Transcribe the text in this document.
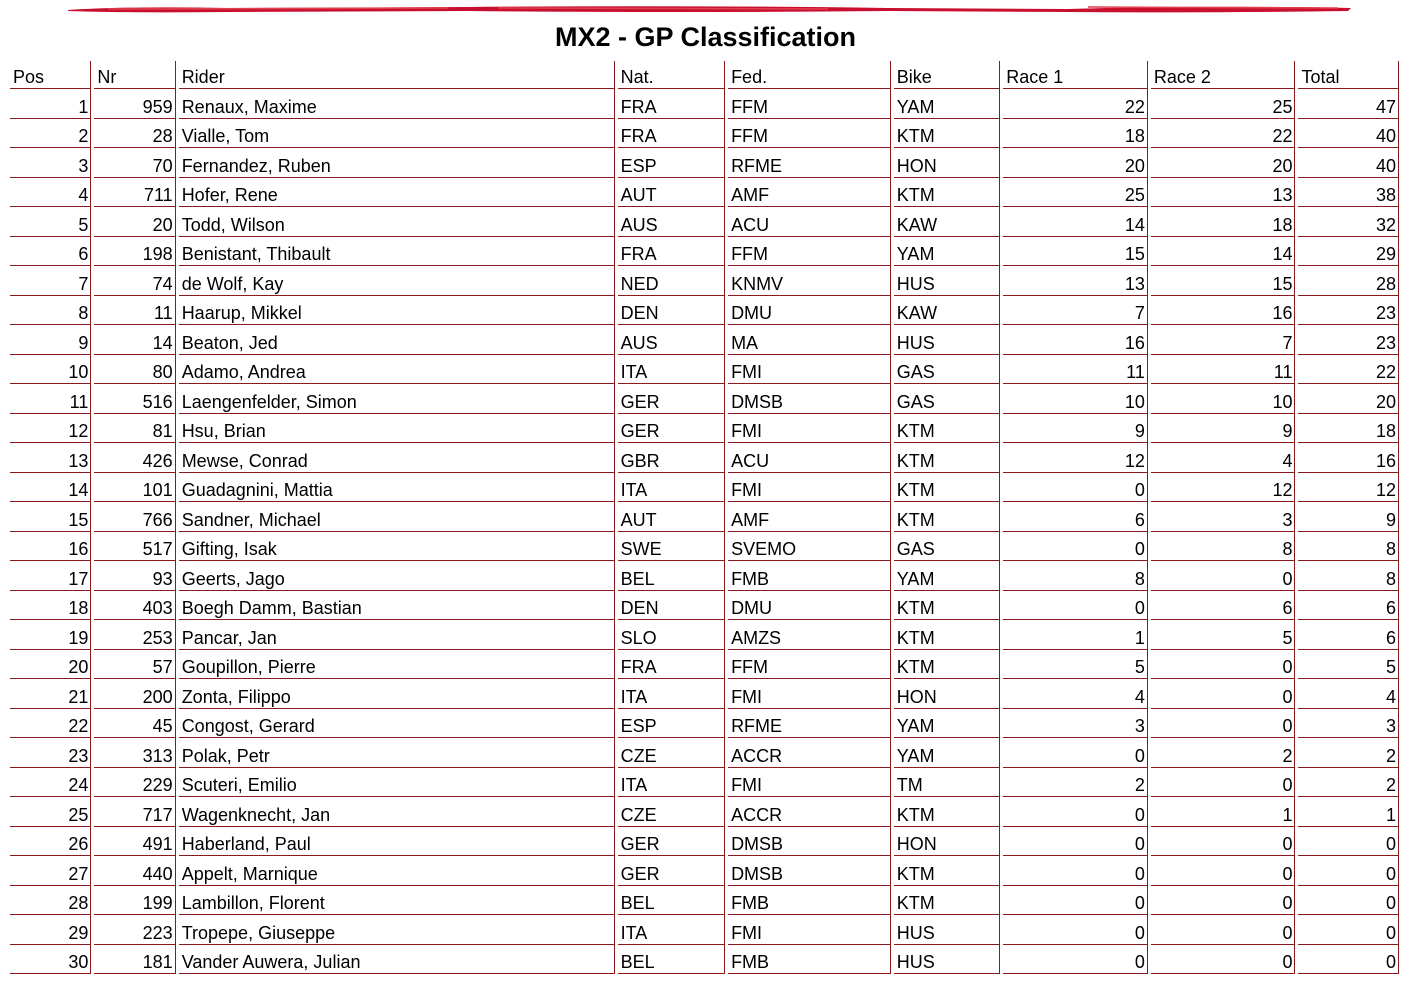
MX2 - GP Classification
Pos	Nr	Rider	Nat.	Fed.	Bike	Race 1	Race 2	Total
1	959	Renaux, Maxime	FRA	FFM	YAM	22	25	47
2	28	Vialle, Tom	FRA	FFM	KTM	18	22	40
3	70	Fernandez, Ruben	ESP	RFME	HON	20	20	40
4	711	Hofer, Rene	AUT	AMF	KTM	25	13	38
5	20	Todd, Wilson	AUS	ACU	KAW	14	18	32
6	198	Benistant, Thibault	FRA	FFM	YAM	15	14	29
7	74	de Wolf, Kay	NED	KNMV	HUS	13	15	28
8	11	Haarup, Mikkel	DEN	DMU	KAW	7	16	23
9	14	Beaton, Jed	AUS	MA	HUS	16	7	23
10	80	Adamo, Andrea	ITA	FMI	GAS	11	11	22
11	516	Laengenfelder, Simon	GER	DMSB	GAS	10	10	20
12	81	Hsu, Brian	GER	FMI	KTM	9	9	18
13	426	Mewse, Conrad	GBR	ACU	KTM	12	4	16
14	101	Guadagnini, Mattia	ITA	FMI	KTM	0	12	12
15	766	Sandner, Michael	AUT	AMF	KTM	6	3	9
16	517	Gifting, Isak	SWE	SVEMO	GAS	0	8	8
17	93	Geerts, Jago	BEL	FMB	YAM	8	0	8
18	403	Boegh Damm, Bastian	DEN	DMU	KTM	0	6	6
19	253	Pancar, Jan	SLO	AMZS	KTM	1	5	6
20	57	Goupillon, Pierre	FRA	FFM	KTM	5	0	5
21	200	Zonta, Filippo	ITA	FMI	HON	4	0	4
22	45	Congost, Gerard	ESP	RFME	YAM	3	0	3
23	313	Polak, Petr	CZE	ACCR	YAM	0	2	2
24	229	Scuteri, Emilio	ITA	FMI	TM	2	0	2
25	717	Wagenknecht, Jan	CZE	ACCR	KTM	0	1	1
26	491	Haberland, Paul	GER	DMSB	HON	0	0	0
27	440	Appelt, Marnique	GER	DMSB	KTM	0	0	0
28	199	Lambillon, Florent	BEL	FMB	KTM	0	0	0
29	223	Tropepe, Giuseppe	ITA	FMI	HUS	0	0	0
30	181	Vander Auwera, Julian	BEL	FMB	HUS	0	0	0
